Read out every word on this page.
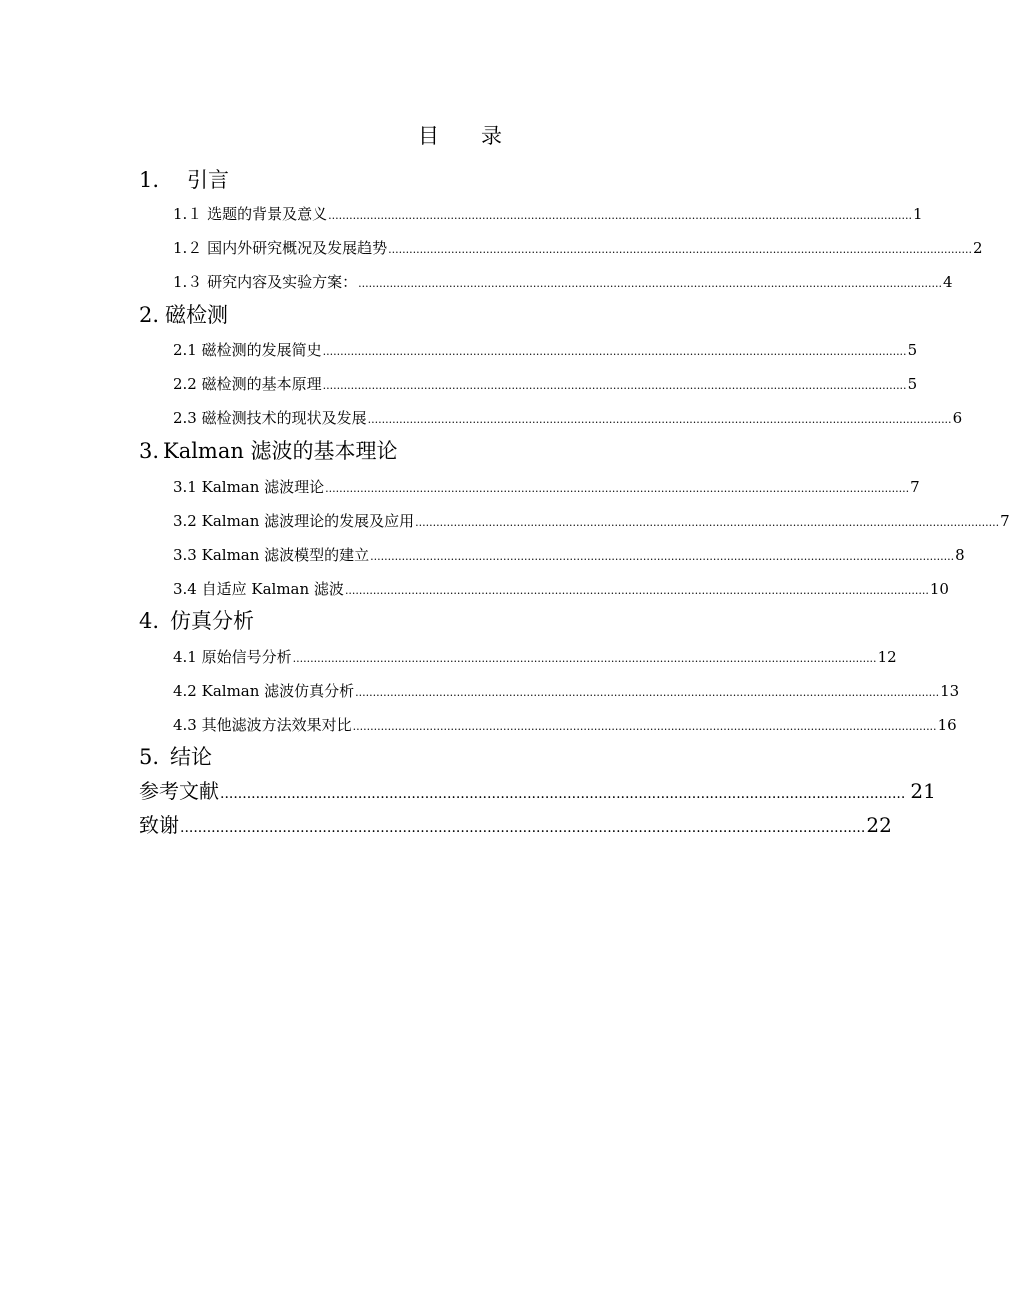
目录
1. 引言
1.１ 选题的背景及意义 ....................................................................................................................................................................... 1
1.２ 国内外研究概况及发展趋势 ....................................................................................................................................................................... 2
1.３ 研究内容及实验方案： ....................................................................................................................................................................... 4
2. 磁检测
2.1 磁检测的发展简史 ....................................................................................................................................................................... 5
2.2 磁检测的基本原理 ....................................................................................................................................................................... 5
2.3 磁检测技术的现状及发展 ....................................................................................................................................................................... 6
3. Kalman 滤波的基本理论
3.1 Kalman 滤波理论 ....................................................................................................................................................................... 7
3.2 Kalman 滤波理论的发展及应用 ....................................................................................................................................................................... 7
3.3 Kalman 滤波模型的建立 ....................................................................................................................................................................... 8
3.4 自适应 Kalman 滤波 ....................................................................................................................................................................... 10
4. 仿真分析
4.1 原始信号分析 ....................................................................................................................................................................... 12
4.2 Kalman 滤波仿真分析 ....................................................................................................................................................................... 13
4.3 其他滤波方法效果对比 ....................................................................................................................................................................... 16
5. 结论
参考文献 .......................................................................................................................................................... 21
致谢 .......................................................................................................................................................... 22
